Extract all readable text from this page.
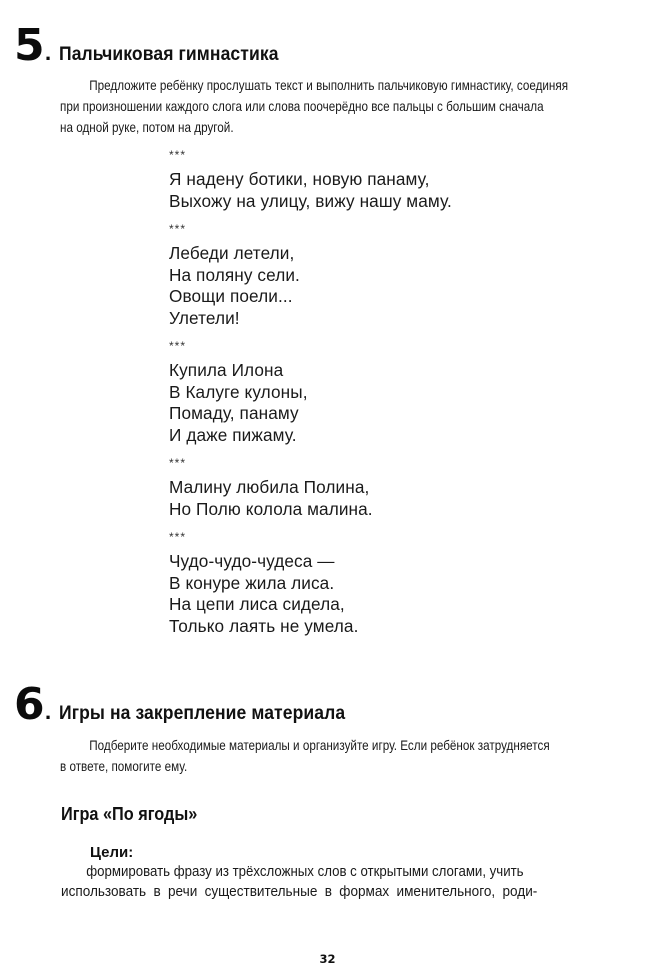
5 . Пальчиковая гимнастика
Предложите ребёнку прослушать текст и выполнить пальчиковую гимнастику, соединяя
при произношении каждого слога или слова поочерёдно все пальцы с большим сначала
на одной руке, потом на другой.
***
Я надену ботики, новую панаму,
Выхожу на улицу, вижу нашу маму.
***
Лебеди летели,
На поляну сели.
Овощи поели...
Улетели!
***
Купила Илона
В Калуге кулоны,
Помаду, панаму
И даже пижаму.
***
Малину любила Полина,
Но Полю колола малина.
***
Чудо-чудо-чудеса —
В конуре жила лиса.
На цепи лиса сидела,
Только лаять не умела.
6 . Игры на закрепление материала
Подберите необходимые материалы и организуйте игру. Если ребёнок затрудняется
в ответе, помогите ему.
Игра «По ягоды»
Цели:
формировать фразу из трёхсложных слов с открытыми слогами, учить
использовать в речи существительные в формах именительного, роди-
32
